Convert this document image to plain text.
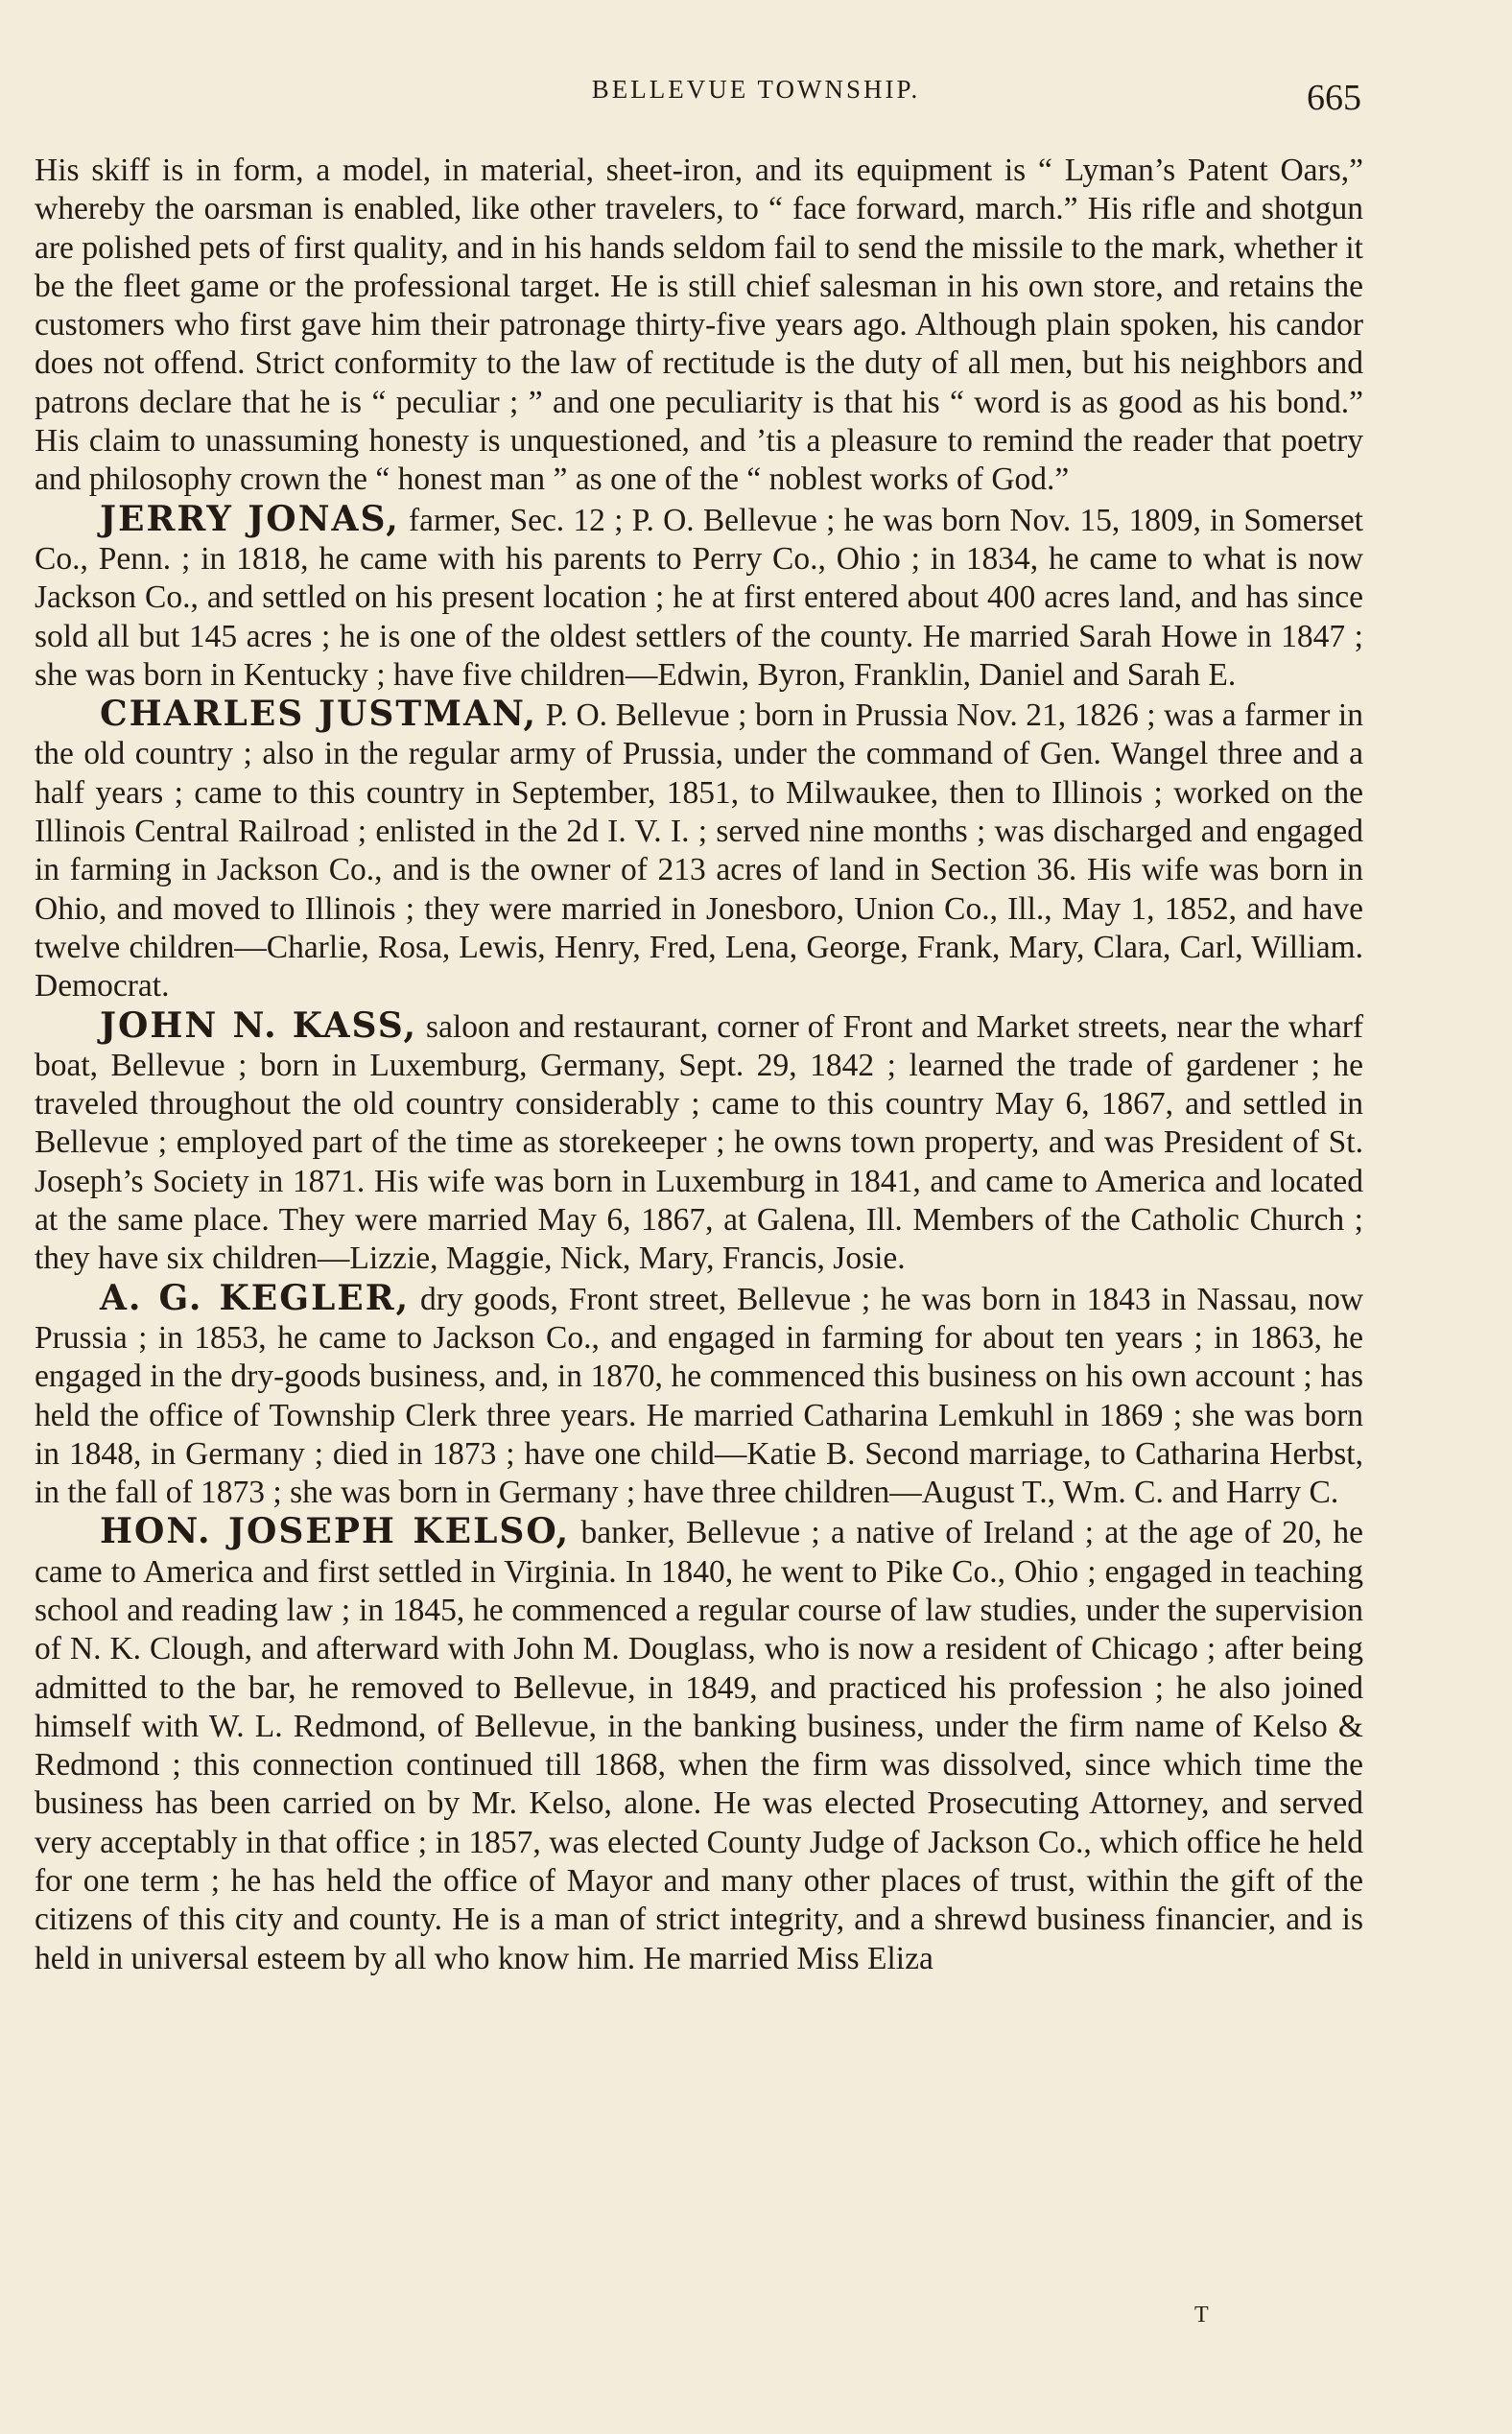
BELLEVUE TOWNSHIP.	665

His skiff is in form, a model, in material, sheet-iron, and its equipment is “ Lyman’s Patent Oars,” whereby the oarsman is enabled, like other travelers, to “ face forward, march.” His rifle and shotgun are polished pets of first quality, and in his hands seldom fail to send the missile to the mark, whether it be the fleet game or the professional target. He is still chief salesman in his own store, and retains the customers who first gave him their patronage thirty-five years ago. Although plain spoken, his candor does not offend. Strict conformity to the law of rectitude is the duty of all men, but his neighbors and patrons declare that he is “ peculiar ; ” and one peculiarity is that his “ word is as good as his bond.” His claim to unassuming honesty is unquestioned, and ’tis a pleasure to remind the reader that poetry and philosophy crown the “ honest man ” as one of the “ noblest works of God.”

JERRY JONAS, farmer, Sec. 12 ; P. O. Bellevue ; he was born Nov. 15, 1809, in Somerset Co., Penn. ; in 1818, he came with his parents to Perry Co., Ohio ; in 1834, he came to what is now Jackson Co., and settled on his present location ; he at first entered about 400 acres land, and has since sold all but 145 acres ; he is one of the oldest settlers of the county. He married Sarah Howe in 1847 ; she was born in Kentucky ; have five children—Edwin, Byron, Franklin, Daniel and Sarah E.

CHARLES JUSTMAN, P. O. Bellevue ; born in Prussia Nov. 21, 1826 ; was a farmer in the old country ; also in the regular army of Prussia, under the command of Gen. Wangel three and a half years ; came to this country in September, 1851, to Milwaukee, then to Illinois ; worked on the Illinois Central Railroad ; enlisted in the 2d I. V. I. ; served nine months ; was discharged and engaged in farming in Jackson Co., and is the owner of 213 acres of land in Section 36. His wife was born in Ohio, and moved to Illinois ; they were married in Jonesboro, Union Co., Ill., May 1, 1852, and have twelve children—Charlie, Rosa, Lewis, Henry, Fred, Lena, George, Frank, Mary, Clara, Carl, William. Democrat.

JOHN N. KASS, saloon and restaurant, corner of Front and Market streets, near the wharf boat, Bellevue ; born in Luxemburg, Germany, Sept. 29, 1842 ; learned the trade of gardener ; he traveled throughout the old country considerably ; came to this country May 6, 1867, and settled in Bellevue ; employed part of the time as storekeeper ; he owns town property, and was President of St. Joseph’s Society in 1871. His wife was born in Luxemburg in 1841, and came to America and located at the same place. They were married May 6, 1867, at Galena, Ill. Members of the Catholic Church ; they have six children—Lizzie, Maggie, Nick, Mary, Francis, Josie.

A. G. KEGLER, dry goods, Front street, Bellevue ; he was born in 1843 in Nassau, now Prussia ; in 1853, he came to Jackson Co., and engaged in farming for about ten years ; in 1863, he engaged in the dry-goods business, and, in 1870, he commenced this business on his own account ; has held the office of Township Clerk three years. He married Catharina Lemkuhl in 1869 ; she was born in 1848, in Germany ; died in 1873 ; have one child—Katie B. Second marriage, to Catharina Herbst, in the fall of 1873 ; she was born in Germany ; have three children—August T., Wm. C. and Harry C.

HON. JOSEPH KELSO, banker, Bellevue ; a native of Ireland ; at the age of 20, he came to America and first settled in Virginia. In 1840, he went to Pike Co., Ohio ; engaged in teaching school and reading law ; in 1845, he commenced a regular course of law studies, under the supervision of N. K. Clough, and afterward with John M. Douglass, who is now a resident of Chicago ; after being admitted to the bar, he removed to Bellevue, in 1849, and practiced his profession ; he also joined himself with W. L. Redmond, of Bellevue, in the banking business, under the firm name of Kelso & Redmond ; this connection continued till 1868, when the firm was dissolved, since which time the business has been carried on by Mr. Kelso, alone. He was elected Prosecuting Attorney, and served very acceptably in that office ; in 1857, was elected County Judge of Jackson Co., which office he held for one term ; he has held the office of Mayor and many other places of trust, within the gift of the citizens of this city and county. He is a man of strict integrity, and a shrewd business financier, and is held in universal esteem by all who know him. He married Miss Eliza

T
